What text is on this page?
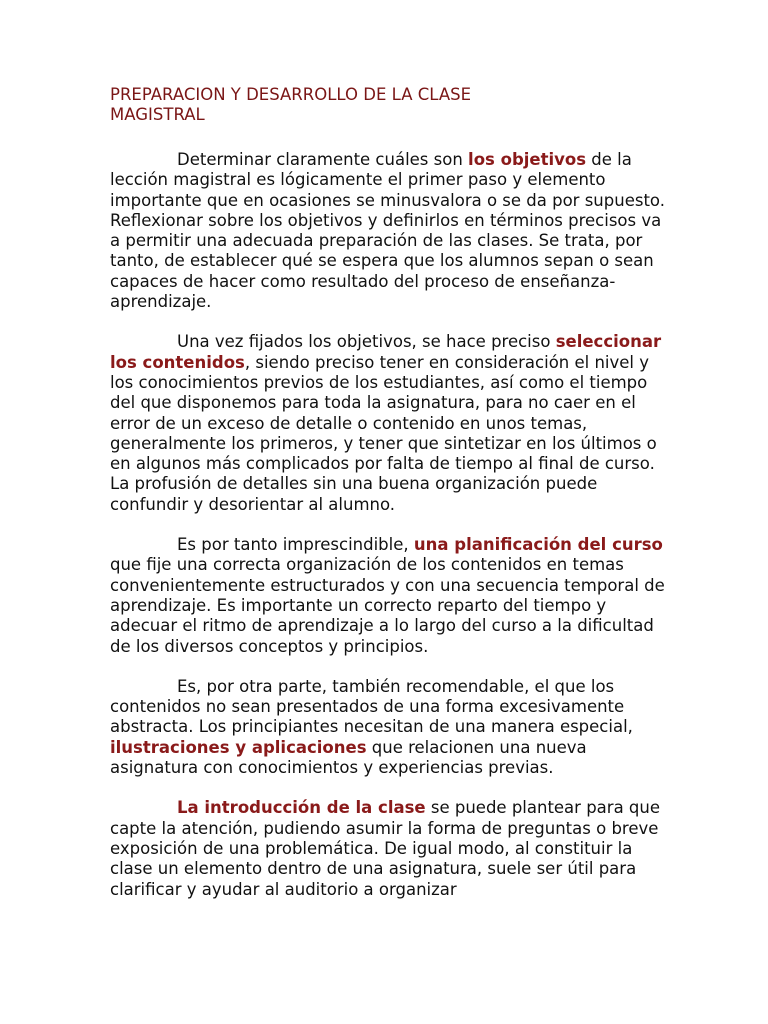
PREPARACION Y DESARROLLO DE LA CLASE
MAGISTRAL

Determinar claramente cuáles son los objetivos de la lección magistral es lógicamente el primer paso y elemento importante que en ocasiones se minusvalora o se da por supuesto. Reflexionar sobre los objetivos y definirlos en términos precisos va a permitir una adecuada preparación de las clases. Se trata, por tanto, de establecer qué se espera que los alumnos sepan o sean capaces de hacer como resultado del proceso de enseñanza-aprendizaje.

Una vez fijados los objetivos, se hace preciso seleccionar los contenidos, siendo preciso tener en consideración el nivel y los conocimientos previos de los estudiantes, así como el tiempo del que disponemos para toda la asignatura, para no caer en el error de un exceso de detalle o contenido en unos temas, generalmente los primeros, y tener que sintetizar en los últimos o en algunos más complicados por falta de tiempo al final de curso. La profusión de detalles sin una buena organización puede confundir y desorientar al alumno.

Es por tanto imprescindible, una planificación del curso que fije una correcta organización de los contenidos en temas convenientemente estructurados y con una secuencia temporal de aprendizaje. Es importante un correcto reparto del tiempo y adecuar el ritmo de aprendizaje a lo largo del curso a la dificultad de los diversos conceptos y principios.

Es, por otra parte, también recomendable, el que los contenidos no sean presentados de una forma excesivamente abstracta. Los principiantes necesitan de una manera especial, ilustraciones y aplicaciones que relacionen una nueva asignatura con conocimientos y experiencias previas.

La introducción de la clase se puede plantear para que capte la atención, pudiendo asumir la forma de preguntas o breve exposición de una problemática. De igual modo, al constituir la clase un elemento dentro de una asignatura, suele ser útil para clarificar y ayudar al auditorio a organizar
